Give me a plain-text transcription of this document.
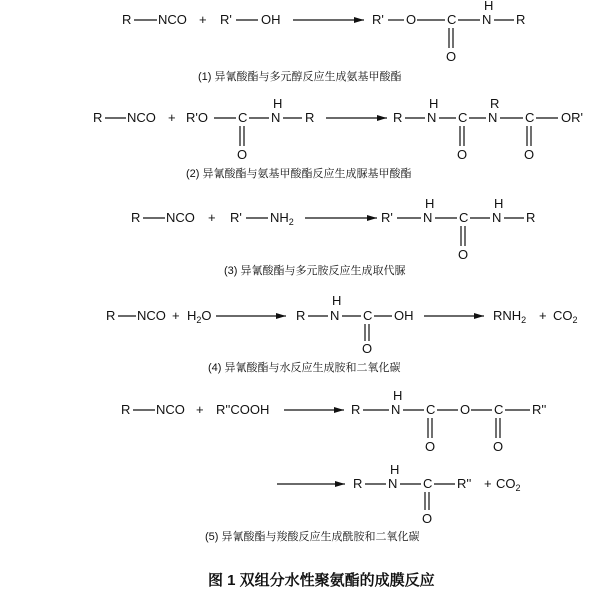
R NCO + R' OH	R' O C
H
N R
O
(1) 异氰酸酯与多元醇反应生成氨基甲酸酯
R NCO + R'O C
H
N R
O
R
H
N C
R
N C OR'
O	O
(2) 异氰酸酯与氨基甲酸酯反应生成脲基甲酸酯
R NCO + R' $NH_2$	R'
H
N C
H
N R
O
(3) 异氰酸酯与多元胺反应生成取代脲
R NCO + $H_2O$	R
H
N C OH
O
$RNH_2 + CO_2$
(4) 异氰酸酯与水反应生成胺和二氧化碳
R NCO + R''COOH	R
H
N C O C R''
O	O
R
H
N C R''
O
+ $CO_2$
(5) 异氰酸酯与羧酸反应生成酰胺和二氧化碳
图 1 双组分水性聚氨酯的成膜反应
